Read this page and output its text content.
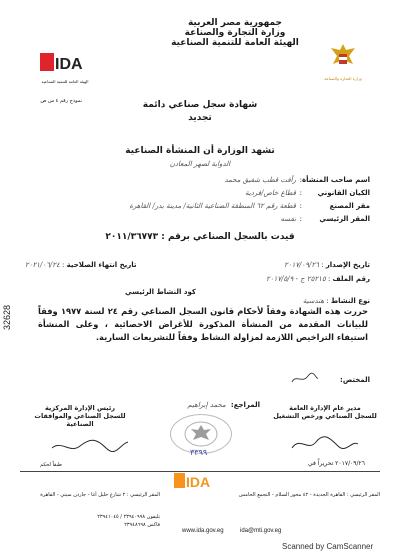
جمهورية مصر العربية
وزارة التجارة والصناعة
الهيئة العامة للتنمية الصناعية
IDA
الهيئة العامة للتنمية الصناعية
وزارة التجارة والصناعة
نموذج رقم ٤ س ص	شهادة سجل صناعي دائمة
تجديد
تشهد الوزارة أن المنشأة الصناعية
الدوابة لصهر المعادن
اسم صاحب المنشأة
:
رأفت قطب شفيق محمد
الكيان القانوني
:
قطاع خاص/فردية
مقر المصنع
:
قطعة رقم ٦٢ المنطقة الصناعية الثانية/ مدينة بدر/ القاهرة
المقر الرئيسي
:
نفسه
قيدت بالسجل الصناعي برقم : ٢٠١١/٣٦٧٧٣
تاريخ الإصدار : ٢٠١٧/٠٩/٢٦
تاريخ انتهاء الصلاحية : ٢٠٢١/٠٦/٢٤
رقم الملف : ٢٥٢١٥ ج - ٢٠١٧/٥/٩
نوع النشاط : هندسية
كود النشاط الرئيسي
حررت هذه الشهادة وفقاً لأحكام قانون السجل الصناعي رقم ٢٤ لسنة ١٩٧٧ وفقاً للبيانات المقدمة من المنشأة المذكورة للأغراض الاحصائية ، وعلى المنشأة استيفاء التراخيص اللازمة لمزاولة النشاط وفقاً للتشريعات السارية.
32628
المختص:
المراجع: محمد إبراهيم	مدير عام الإدارة العامة
للسجل الصناعي ورخص التشغيل
رئيس الإدارة المركزية
للسجل الصناعي والموافقات الصناعية
٣٣٩٩
٢٠١٧/٠٩/٢٦ تحريراً في
طبقاً لحكم
IDA
المقر الرئيسي : القاهرة الجديدة - ٤٢ محور السلام - التجمع الخامس
المقر الرئيسي : ٢ شارع خليل أغا - جاردن سيتي - القاهرة
تليفون ٢٣٩٤٠٩٩٨ / ٢٣٩٤١٠٤٥
فاكس ٢٣٩٤٨٦٩٨
www.ida.gov.eg	ida@mti.gov.eg
Scanned by CamScanner
